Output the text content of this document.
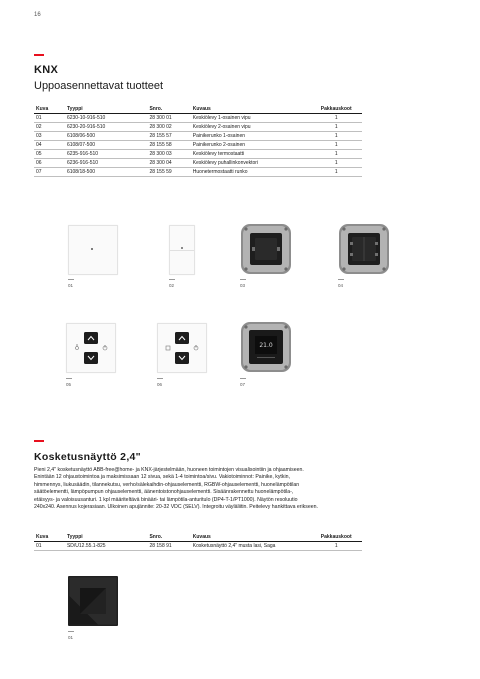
16
KNX
Uppoasennettavat tuotteet
Kuva	Tyyppi	Snro.	Kuvaus	Pakkauskoot
01	6230-10-916-510	28 300 01	Keskiölevy 1-osainen vipu	1
02	6230-20-916-510	28 300 02	Keskiölevy 2-osainen vipu	1
03	6108/06-500	28 155 57	Painikerunko 1-osainen	1
04	6108/07-500	28 155 58	Painikerunko 2-osainen	1
05	6235-916-510	28 300 03	Keskiölevy termostaatti	1
06	6236-916-510	28 300 04	Keskiölevy puhallinkonvektori	1
07	6108/18-500	28 155 59	Huonetermostaatti runko	1
01	02	03	04
05	06
21.0
07
Kosketusnäyttö 2,4"
Pieni 2,4" kosketusnäyttö ABB-free@home- ja KNX-järjestelmään, huoneen toimintojen visualisointiin ja ohjaamiseen.
Enintään 12 ohjaustoimintoa ja maksimissaan 12 sivua, sekä 1-4 toimintoa/sivu. Vakiotoiminnot: Painike, kytkin,
himmennys, liukusäädin, tilannekutsu, verho/sälekaihdin-ohjauselementti, RGBW-ohjauselementti, huonelämpötilan
säätöelementti, lämpöpumpun ohjauselementti, äänentoistonohjauselementti. Sisäänrakennettu huonelämpötila-,
etäisyys- ja valoisuusanturi. 1 kpl määriteltävä binääri- tai lämpötila-anturitulo (DP4-T-1/PT1000). Näytön resoluutio
240x240. Asennus kojerasiaan. Ulkoinen apujännite: 20-32 VDC (SELV). Integroitu väyläliitin. Peitelevy hankittava erikseen.
Kuva	Tyyppi	Snro.	Kuvaus	Pakkauskoot
01	SD/U12.55.1-825	28 158 91	Kosketusnäyttö 2,4" musta lasi, Saga	1
01
